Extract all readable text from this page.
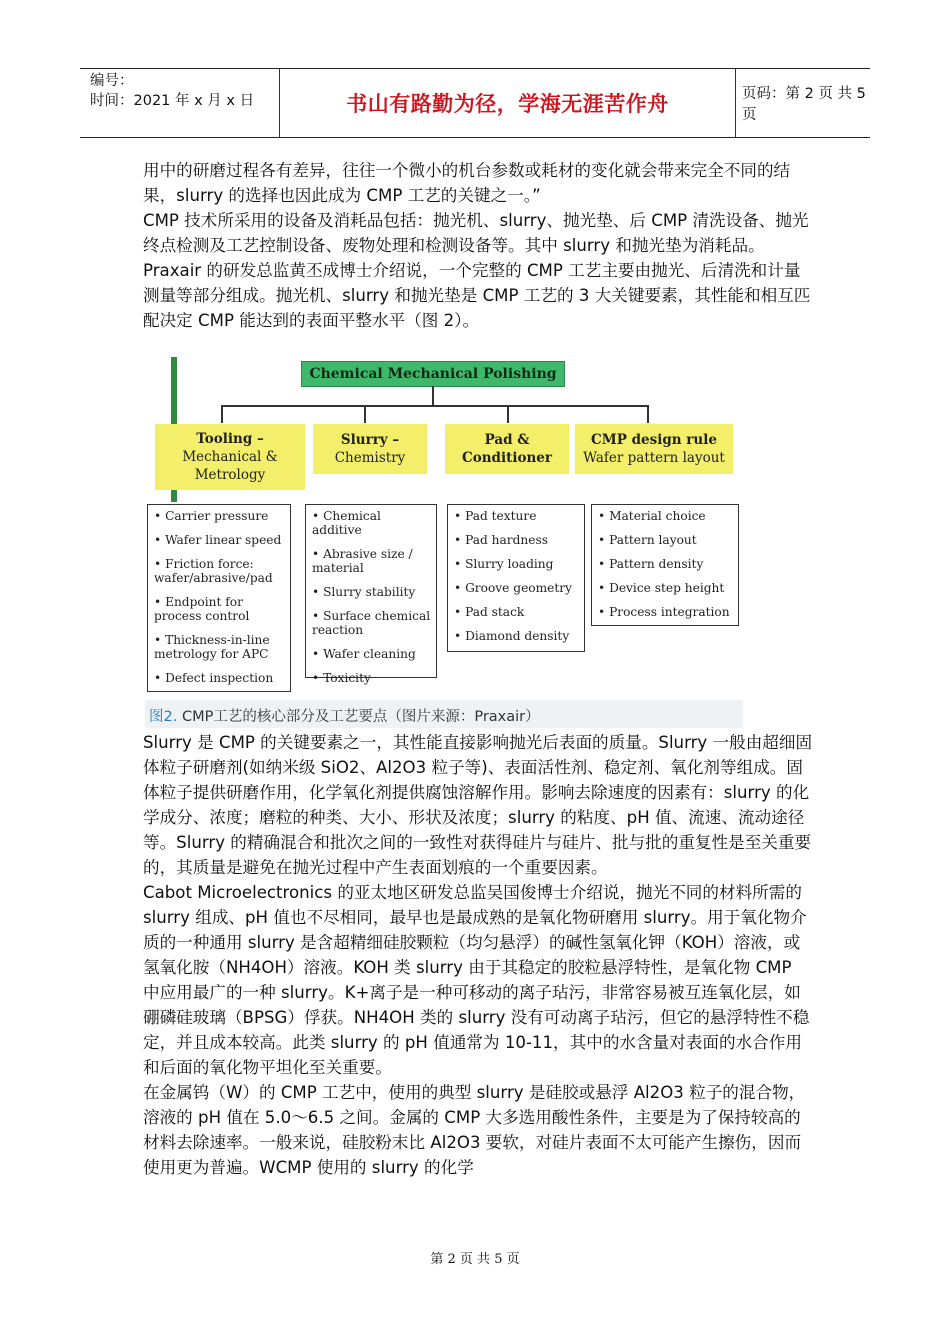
编号：
时间：2021 年 x 月 x 日	书山有路勤为径，学海无涯苦作舟	页码：第 2 页 共 5 页

用中的研磨过程各有差异，往往一个微小的机台参数或耗材的变化就会带来完全不同的结果，slurry 的选择也因此成为 CMP 工艺的关键之一。”

CMP 技术所采用的设备及消耗品包括：抛光机、slurry、抛光垫、后 CMP 清洗设备、抛光终点检测及工艺控制设备、废物处理和检测设备等。其中 slurry 和抛光垫为消耗品。Praxair 的研发总监黄丕成博士介绍说，一个完整的 CMP 工艺主要由抛光、后清洗和计量测量等部分组成。抛光机、slurry 和抛光垫是 CMP 工艺的 3 大关键要素，其性能和相互匹配决定 CMP 能达到的表面平整水平（图 2）。

Chemical Mechanical Polishing
Tooling –
Mechanical & Metrology
Slurry –
Chemistry
Pad &
Conditioner
CMP design rule
Wafer pattern layout
• Carrier pressure
• Wafer linear speed
• Friction force: wafer/abrasive/pad
• Endpoint for process control
• Thickness-in-line metrology for APC
• Defect inspection
• Chemical additive
• Abrasive size / material
• Slurry stability
• Surface chemical reaction
• Wafer cleaning
• Toxicity
• Pad texture
• Pad hardness
• Slurry loading
• Groove geometry
• Pad stack
• Diamond density
• Material choice
• Pattern layout
• Pattern density
• Device step height
• Process integration
图2. CMP工艺的核心部分及工艺要点（图片来源：Praxair）

Slurry 是 CMP 的关键要素之一，其性能直接影响抛光后表面的质量。Slurry 一般由超细固体粒子研磨剂(如纳米级 SiO2、Al2O3 粒子等)、表面活性剂、稳定剂、氧化剂等组成。固体粒子提供研磨作用，化学氧化剂提供腐蚀溶解作用。影响去除速度的因素有：slurry 的化学成分、浓度；磨粒的种类、大小、形状及浓度；slurry 的粘度、pH 值、流速、流动途径等。Slurry 的精确混合和批次之间的一致性对获得硅片与硅片、批与批的重复性是至关重要的，其质量是避免在抛光过程中产生表面划痕的一个重要因素。

Cabot Microelectronics 的亚太地区研发总监吴国俊博士介绍说，抛光不同的材料所需的 slurry 组成、pH 值也不尽相同，最早也是最成熟的是氧化物研磨用 slurry。用于氧化物介质的一种通用 slurry 是含超精细硅胶颗粒（均匀悬浮）的碱性氢氧化钾（KOH）溶液，或氢氧化胺（NH4OH）溶液。KOH 类 slurry 由于其稳定的胶粒悬浮特性，是氧化物 CMP 中应用最广的一种 slurry。K+离子是一种可移动的离子玷污，非常容易被互连氧化层，如硼磷硅玻璃（BPSG）俘获。NH4OH 类的 slurry 没有可动离子玷污，但它的悬浮特性不稳定，并且成本较高。此类 slurry 的 pH 值通常为 10-11，其中的水含量对表面的水合作用和后面的氧化物平坦化至关重要。

在金属钨（W）的 CMP 工艺中，使用的典型 slurry 是硅胶或悬浮 Al2O3 粒子的混合物，溶液的 pH 值在 5.0～6.5 之间。金属的 CMP 大多选用酸性条件，主要是为了保持较高的材料去除速率。一般来说，硅胶粉末比 Al2O3 要软，对硅片表面不太可能产生擦伤，因而使用更为普遍。WCMP 使用的 slurry 的化学

第 2 页 共 5 页
